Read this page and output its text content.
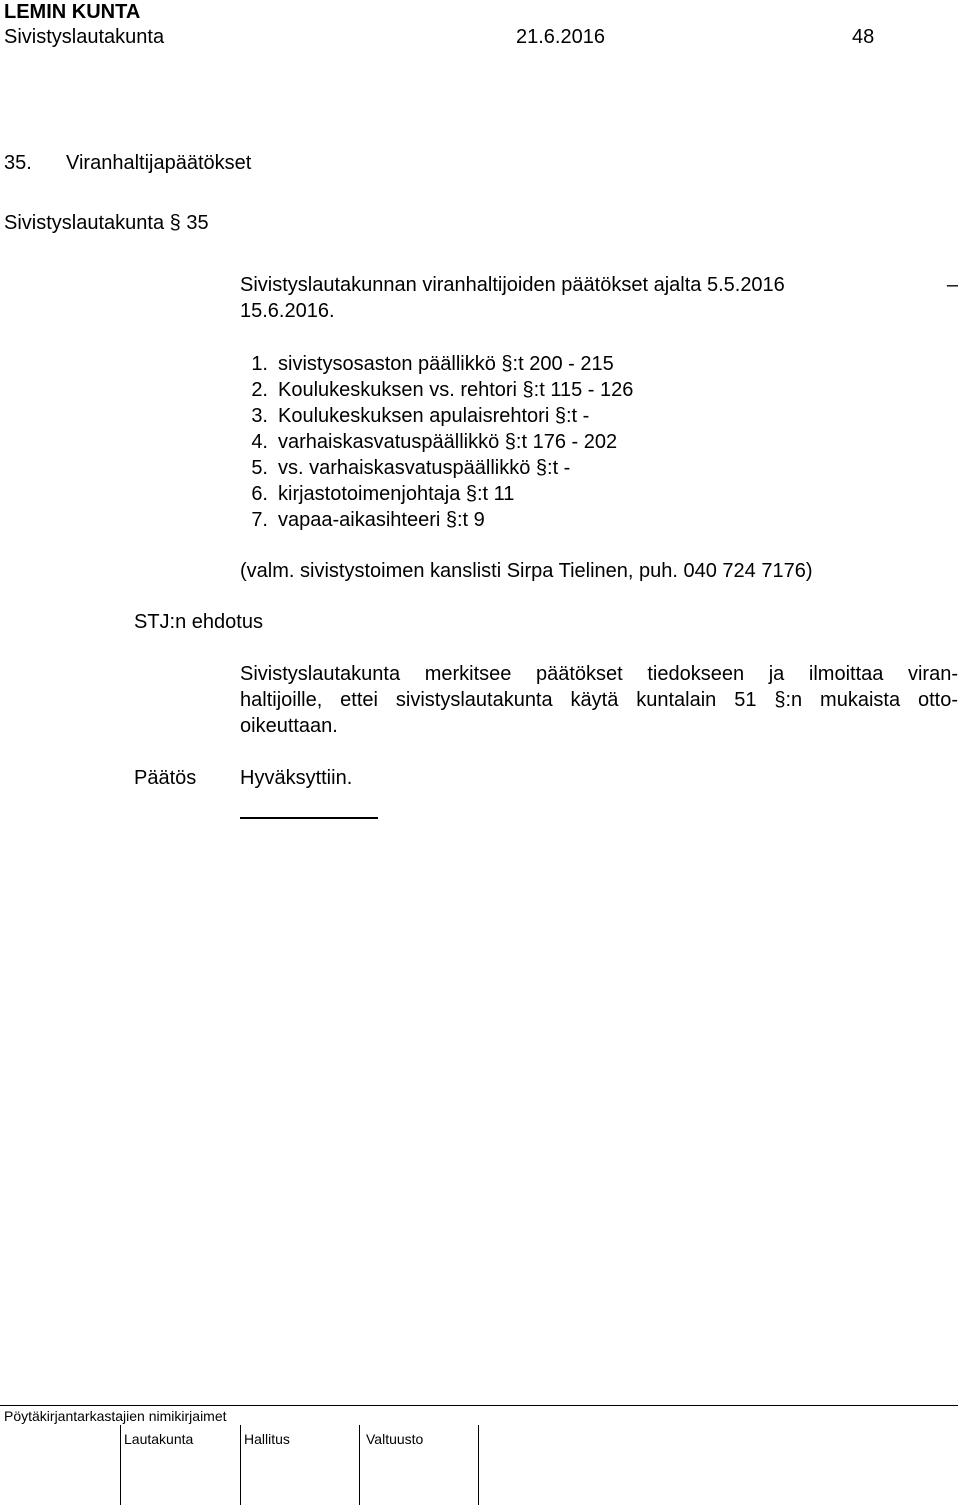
LEMIN KUNTA
Sivistyslautakunta	21.6.2016	48
35. Viranhaltijapäätökset
Sivistyslautakunta § 35
Sivistyslautakunnan viranhaltijoiden päätökset ajalta 5.5.2016	–
15.6.2016.
1. sivistysosaston päällikkö §:t 200 - 215
2. Koulukeskuksen vs. rehtori §:t 115 - 126
3. Koulukeskuksen apulaisrehtori §:t -
4. varhaiskasvatuspäällikkö §:t 176 - 202
5. vs. varhaiskasvatuspäällikkö §:t -
6. kirjastotoimenjohtaja §:t 11
7. vapaa-aikasihteeri §:t 9
(valm. sivistystoimen kanslisti Sirpa Tielinen, puh. 040 724 7176)
STJ:n ehdotus
Sivistyslautakunta merkitsee päätökset tiedokseen ja ilmoittaa viran-
haltijoille, ettei sivistyslautakunta käytä kuntalain 51 §:n mukaista otto-
oikeuttaan.
Päätös Hyväksyttiin.
Pöytäkirjantarkastajien nimikirjaimet
Lautakunta	Hallitus	Valtuusto
